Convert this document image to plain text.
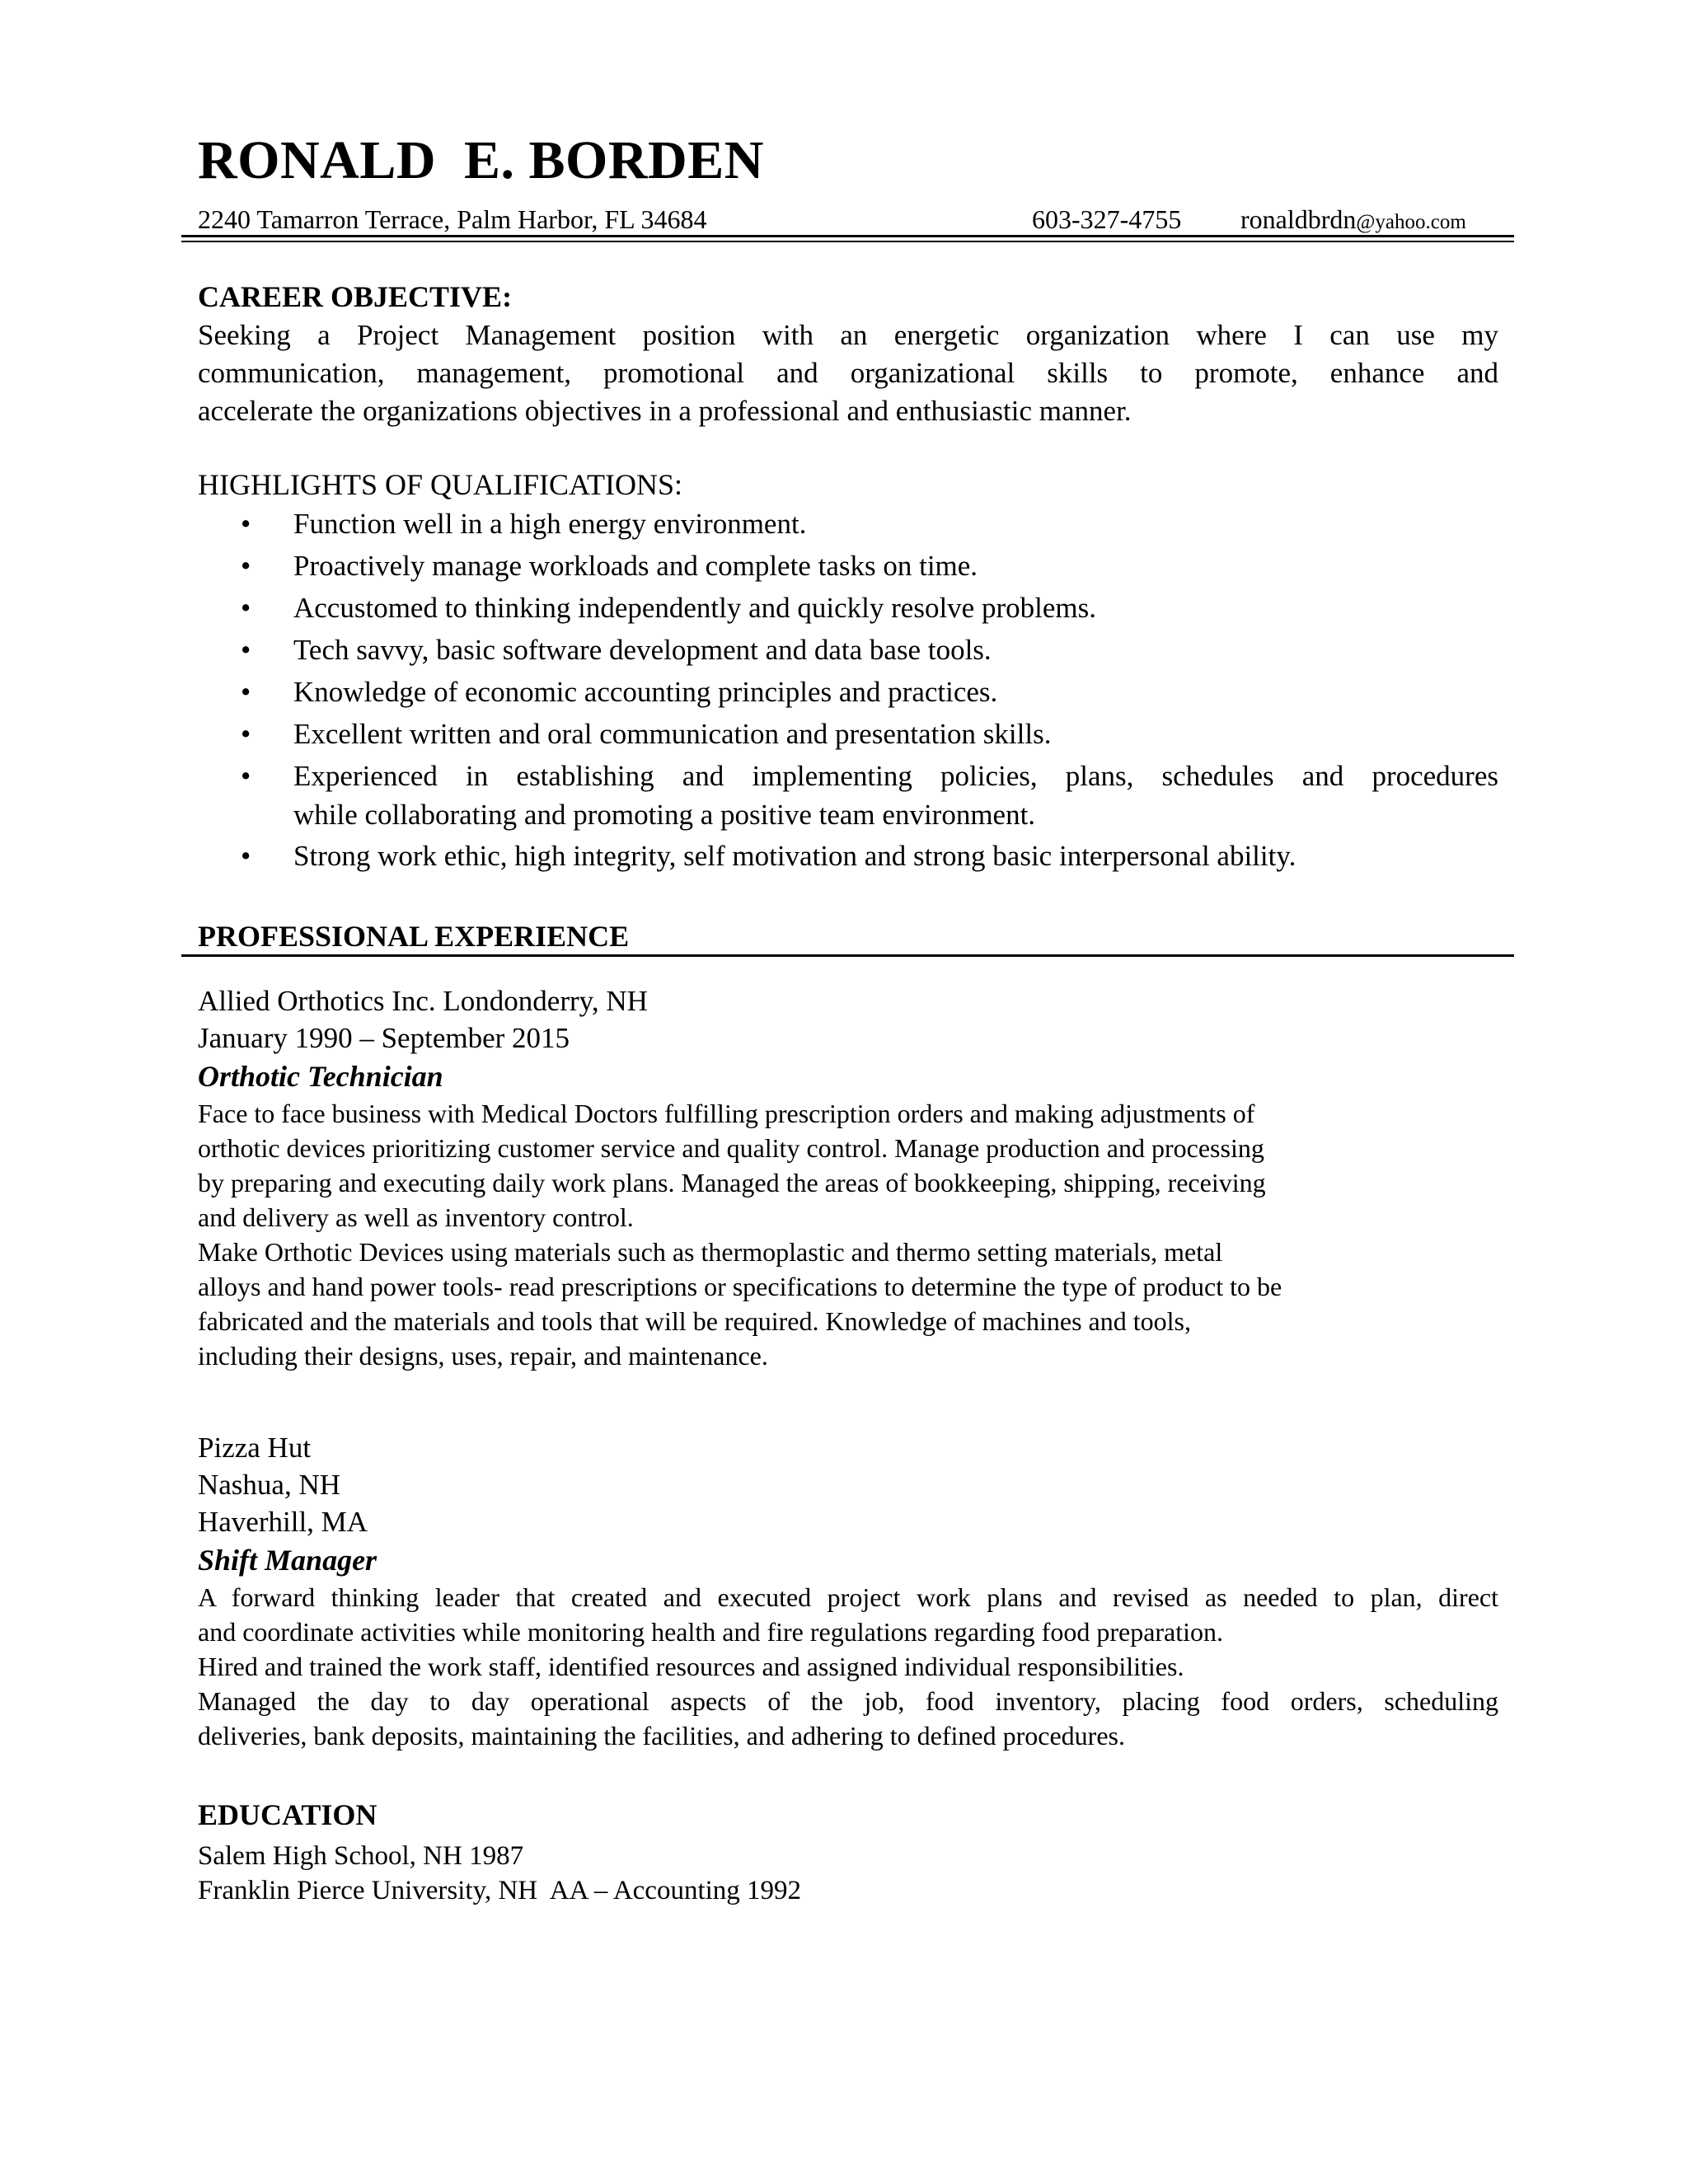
RONALD  E. BORDEN
2240 Tamarron Terrace, Palm Harbor, FL 34684	603-327-4755 ronaldbrdn@yahoo.com
CAREER OBJECTIVE:
Seeking a Project Management position with an energetic organization where I can use my
communication, management, promotional and organizational skills to promote, enhance and
accelerate the organizations objectives in a professional and enthusiastic manner.
HIGHLIGHTS OF QUALIFICATIONS:
• Function well in a high energy environment.
• Proactively manage workloads and complete tasks on time.
• Accustomed to thinking independently and quickly resolve problems.
• Tech savvy, basic software development and data base tools.
• Knowledge of economic accounting principles and practices.
• Excellent written and oral communication and presentation skills.
• Experienced in establishing and implementing policies, plans, schedules and procedures
while collaborating and promoting a positive team environment.
• Strong work ethic, high integrity, self motivation and strong basic interpersonal ability.
PROFESSIONAL EXPERIENCE
Allied Orthotics Inc. Londonderry, NH
January 1990 – September 2015
Orthotic Technician
Face to face business with Medical Doctors fulfilling prescription orders and making adjustments of
orthotic devices prioritizing customer service and quality control. Manage production and processing
by preparing and executing daily work plans. Managed the areas of bookkeeping, shipping, receiving
and delivery as well as inventory control.
Make Orthotic Devices using materials such as thermoplastic and thermo setting materials, metal
alloys and hand power tools- read prescriptions or specifications to determine the type of product to be
fabricated and the materials and tools that will be required. Knowledge of machines and tools,
including their designs, uses, repair, and maintenance.
Pizza Hut
Nashua, NH
Haverhill, MA
Shift Manager
A forward thinking leader that created and executed project work plans and revised as needed to plan, direct
and coordinate activities while monitoring health and fire regulations regarding food preparation.
Hired and trained the work staff, identified resources and assigned individual responsibilities.
Managed the day to day operational aspects of the job, food inventory, placing food orders, scheduling
deliveries, bank deposits, maintaining the facilities, and adhering to defined procedures.
EDUCATION
Salem High School, NH 1987
Franklin Pierce University, NH  AA – Accounting 1992
